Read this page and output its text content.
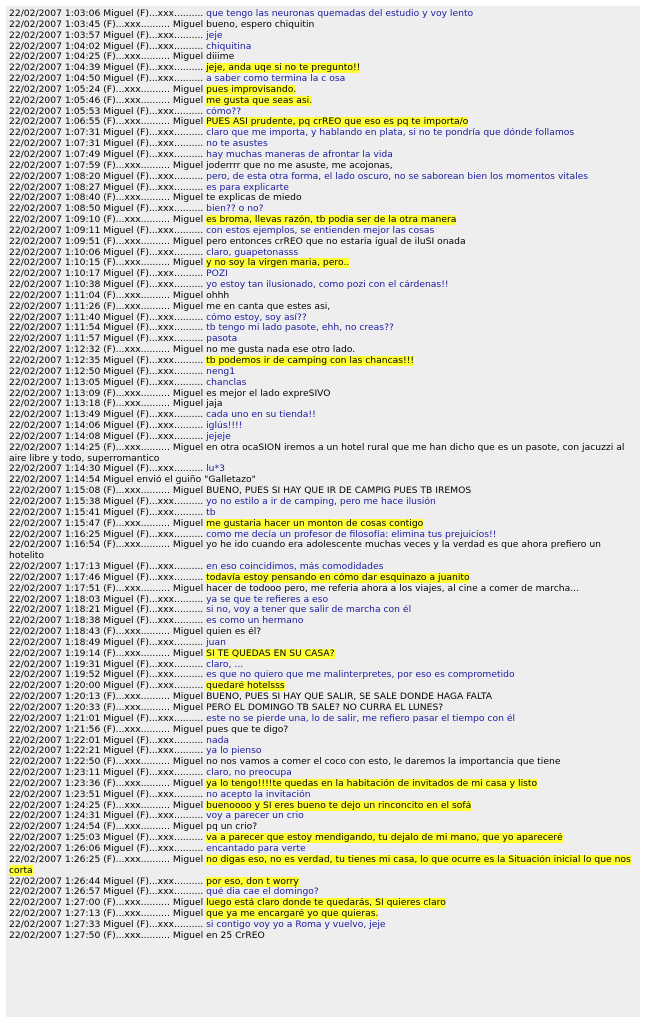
22/02/2007 1:03:06 Miguel (F)...xxx.......... que tengo las neuronas quemadas del estudio y voy lento
22/02/2007 1:03:45 (F)...xxx.......... Miguel bueno, espero chiquitin
22/02/2007 1:03:57 Miguel (F)...xxx.......... jeje
22/02/2007 1:04:02 Miguel (F)...xxx.......... chiquitina
22/02/2007 1:04:25 (F)...xxx.......... Miguel diiime
22/02/2007 1:04:39 Miguel (F)...xxx.......... jeje, anda uqe si no te pregunto!!
22/02/2007 1:04:50 Miguel (F)...xxx.......... a saber como termina la c osa
22/02/2007 1:05:24 (F)...xxx.......... Miguel pues improvisando.
22/02/2007 1:05:46 (F)...xxx.......... Miguel me gusta que seas asi.
22/02/2007 1:05:53 Miguel (F)...xxx.......... cómo??
22/02/2007 1:06:55 (F)...xxx.......... Miguel PUES ASÍ prudente, pq crREO que eso es pq te importa/o
22/02/2007 1:07:31 Miguel (F)...xxx.......... claro que me importa, y hablando en plata, si no te pondría que dónde follamos
22/02/2007 1:07:31 Miguel (F)...xxx.......... no te asustes
22/02/2007 1:07:49 Miguel (F)...xxx.......... hay muchas maneras de afrontar la vida
22/02/2007 1:07:59 (F)...xxx.......... Miguel joderrrr que no me asuste, me acojonas,
22/02/2007 1:08:20 Miguel (F)...xxx.......... pero, de esta otra forma, el lado oscuro, no se saborean bien los momentos vitales
22/02/2007 1:08:27 Miguel (F)...xxx.......... es para explicarte
22/02/2007 1:08:40 (F)...xxx.......... Miguel te explicas de miedo
22/02/2007 1:08:50 Miguel (F)...xxx.......... bien?? o no?
22/02/2007 1:09:10 (F)...xxx.......... Miguel es broma, llevas razón, tb podia ser de la otra manera
22/02/2007 1:09:11 Miguel (F)...xxx.......... con estos ejemplos, se entienden mejor las cosas
22/02/2007 1:09:51 (F)...xxx.......... Miguel pero entonces crREO que no estaria igual de iluSI onada
22/02/2007 1:10:06 Miguel (F)...xxx.......... claro, guapetonasss
22/02/2007 1:10:15 (F)...xxx.......... Miguel y no soy la virgen maria, pero..
22/02/2007 1:10:17 Miguel (F)...xxx.......... POZI
22/02/2007 1:10:38 Miguel (F)...xxx.......... yo estoy tan ilusionado, como pozi con el cárdenas!!
22/02/2007 1:11:04 (F)...xxx.......... Miguel ohhh
22/02/2007 1:11:26 (F)...xxx.......... Miguel me en canta que estes asi,
22/02/2007 1:11:40 Miguel (F)...xxx.......... cómo estoy, soy así??
22/02/2007 1:11:54 Miguel (F)...xxx.......... tb tengo mi lado pasote, ehh, no creas??
22/02/2007 1:11:57 Miguel (F)...xxx.......... pasota
22/02/2007 1:12:32 (F)...xxx.......... Miguel no me gusta nada ese otro lado.
22/02/2007 1:12:35 Miguel (F)...xxx.......... tb podemos ir de camping con las chancas!!!
22/02/2007 1:12:50 Miguel (F)...xxx.......... neng1
22/02/2007 1:13:05 Miguel (F)...xxx.......... chanclas
22/02/2007 1:13:09 (F)...xxx.......... Miguel es mejor el lado expreSIVO
22/02/2007 1:13:18 (F)...xxx.......... Miguel jaja
22/02/2007 1:13:49 Miguel (F)...xxx.......... cada uno en su tienda!!
22/02/2007 1:14:06 Miguel (F)...xxx.......... iglús!!!!
22/02/2007 1:14:08 Miguel (F)...xxx.......... jejeje
22/02/2007 1:14:25 (F)...xxx.......... Miguel en otra ocaSION iremos a un hotel rural que me han dicho que es un pasote, con jacuzzi al aire libre y todo, superromantico
22/02/2007 1:14:30 Miguel (F)...xxx.......... lu*3
22/02/2007 1:14:54 Miguel envió el guiño "Galletazo"
22/02/2007 1:15:08 (F)...xxx.......... Miguel BUENO, PUES SI HAY QUE IR DE CAMPIG PUES TB IREMOS
22/02/2007 1:15:38 Miguel (F)...xxx.......... yo no estilo a ir de camping, pero me hace ilusión
22/02/2007 1:15:41 Miguel (F)...xxx.......... tb
22/02/2007 1:15:47 (F)...xxx.......... Miguel me gustaria hacer un monton de cosas contigo
22/02/2007 1:16:25 Miguel (F)...xxx.......... como me decía un profesor de filosofía: elimina tus prejuicios!!
22/02/2007 1:16:54 (F)...xxx.......... Miguel yo he ido cuando era adolescente muchas veces y la verdad es que ahora prefiero un hotelito
22/02/2007 1:17:13 Miguel (F)...xxx.......... en eso coincidimos, más comodidades
22/02/2007 1:17:46 Miguel (F)...xxx.......... todavía estoy pensando en cómo dar esquinazo a juanito
22/02/2007 1:17:51 (F)...xxx.......... Miguel hacer de todooo pero, me referia ahora a los viajes, al cine a comer de marcha...
22/02/2007 1:18:03 Miguel (F)...xxx.......... ya se que te refieres a eso
22/02/2007 1:18:21 Miguel (F)...xxx.......... si no, voy a tener que salir de marcha con él
22/02/2007 1:18:38 Miguel (F)...xxx.......... es como un hermano
22/02/2007 1:18:43 (F)...xxx.......... Miguel quien es él?
22/02/2007 1:18:49 Miguel (F)...xxx.......... juan
22/02/2007 1:19:14 (F)...xxx.......... Miguel SI TE QUEDAS EN SU CASA?
22/02/2007 1:19:31 Miguel (F)...xxx.......... claro, ...
22/02/2007 1:19:52 Miguel (F)...xxx.......... es que no quiero que me malinterpretes, por eso es comprometido
22/02/2007 1:20:00 Miguel (F)...xxx.......... quedaré hotelsss
22/02/2007 1:20:13 (F)...xxx.......... Miguel BUENO, PUES SI HAY QUE SALIR, SE SALE DONDE HAGA FALTA
22/02/2007 1:20:33 (F)...xxx.......... Miguel PERO EL DOMINGO TB SALE? NO CURRA EL LUNES?
22/02/2007 1:21:01 Miguel (F)...xxx.......... este no se pierde una, lo de salir, me refiero pasar el tiempo con él
22/02/2007 1:21:56 (F)...xxx.......... Miguel pues que te digo?
22/02/2007 1:22:01 Miguel (F)...xxx.......... nada
22/02/2007 1:22:21 Miguel (F)...xxx.......... ya lo pienso
22/02/2007 1:22:50 (F)...xxx.......... Miguel no nos vamos a comer el coco con esto, le daremos la importancia que tiene
22/02/2007 1:23:11 Miguel (F)...xxx.......... claro, no preocupa
22/02/2007 1:23:36 (F)...xxx.......... Miguel ya lo tengo!!!!te quedas en la habitación de invitados de mi casa y listo
22/02/2007 1:23:51 Miguel (F)...xxx.......... no acepto la invitación
22/02/2007 1:24:25 (F)...xxx.......... Miguel buenoooo y SI eres bueno te dejo un rinconcito en el sofá
22/02/2007 1:24:31 Miguel (F)...xxx.......... voy a parecer un crio
22/02/2007 1:24:54 (F)...xxx.......... Miguel pq un crio?
22/02/2007 1:25:03 Miguel (F)...xxx.......... va a parecer que estoy mendigando, tu dejalo de mi mano, que yo apareceré
22/02/2007 1:26:06 Miguel (F)...xxx.......... encantado para verte
22/02/2007 1:26:25 (F)...xxx.......... Miguel no digas eso, no es verdad, tu tienes mi casa, lo que ocurre es la Situación inicial lo que nos corta
22/02/2007 1:26:44 Miguel (F)...xxx.......... por eso, don t worry
22/02/2007 1:26:57 Miguel (F)...xxx.......... qué dia cae el domingo?
22/02/2007 1:27:00 (F)...xxx.......... Miguel luego está claro donde te quedarás, SI quieres claro
22/02/2007 1:27:13 (F)...xxx.......... Miguel que ya me encargaré yo que quieras.
22/02/2007 1:27:33 Miguel (F)...xxx.......... si contigo voy yo a Roma y vuelvo, jeje
22/02/2007 1:27:50 (F)...xxx.......... Miguel en 25 CrREO
